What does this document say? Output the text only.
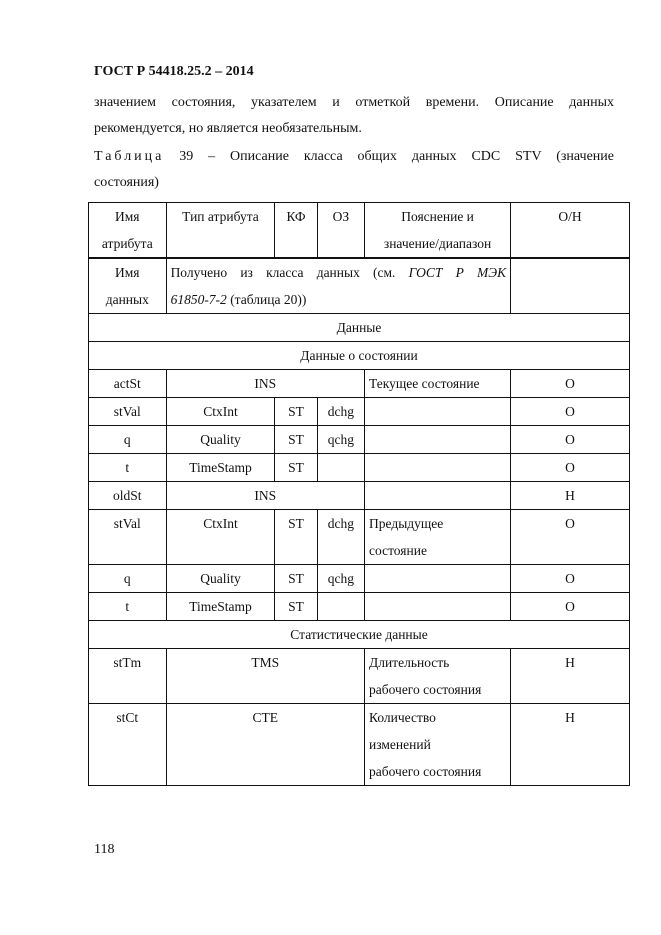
ГОСТ Р 54418.25.2 – 2014
значением состояния, указателем и отметкой времени. Описание данных
рекомендуется, но является необязательным.
Таблица 39 – Описание класса общих данных CDC STV (значение
состояния)
Имя
атрибута	Тип атрибута	КФ	ОЗ	Пояснение и
значение/диапазон	О/Н
Имя
данных	Получено из класса данных (см. ГОСТ Р МЭК
61850-7-2 (таблица 20))				
Данные					
Данные о состоянии					
actSt	INS			Текущее состояние	О
stVal	CtxInt	ST	dchg		О
q	Quality	ST	qchg		О
t	TimeStamp	ST			О
oldSt	INS				Н
stVal	CtxInt	ST	dchg	Предыдущее
состояние	О
q	Quality	ST	qchg		О
t	TimeStamp	ST			О
Статистические данные					
stTm	TMS			Длительность
рабочего состояния	Н
stCt	CTE			Количество
изменений
рабочего состояния	Н
118
